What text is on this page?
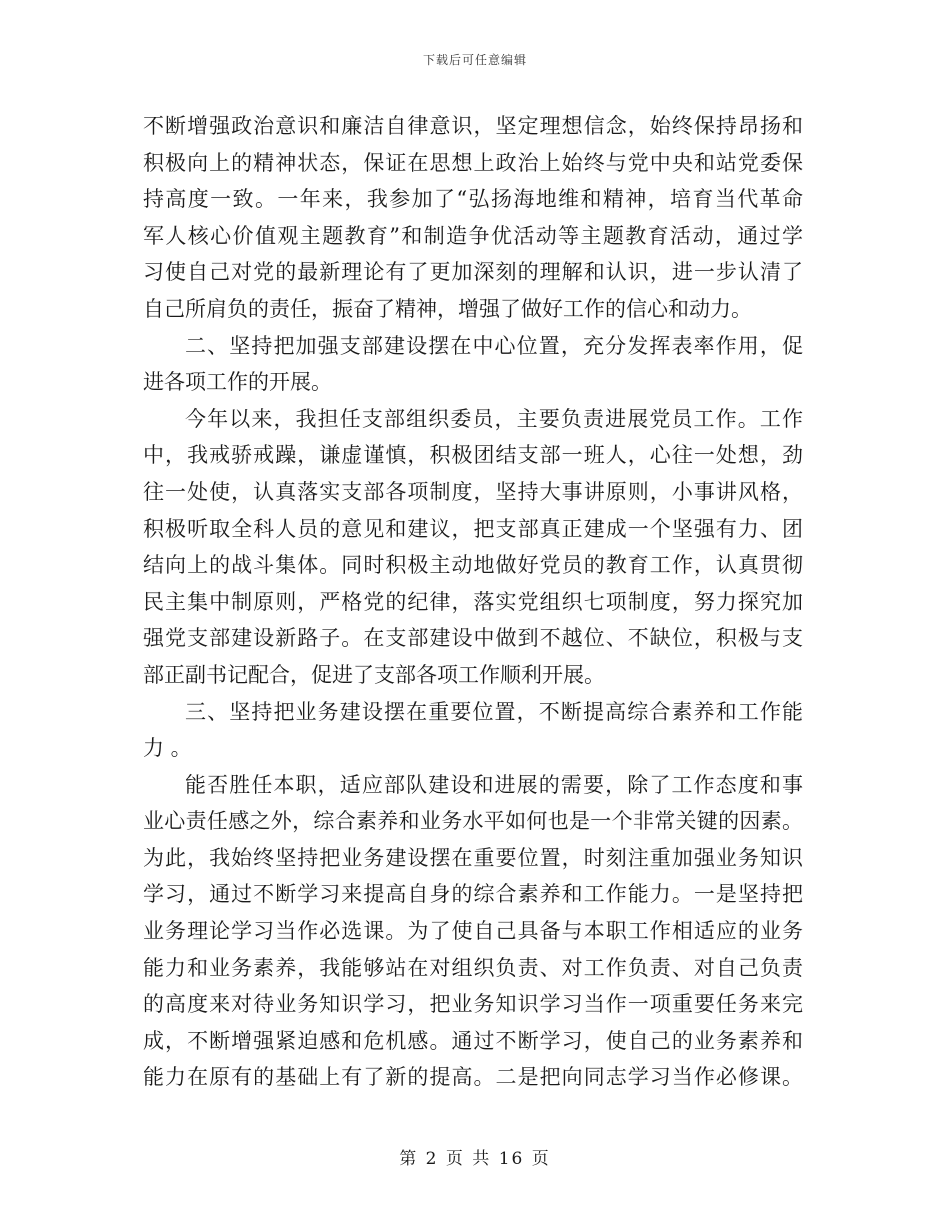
下载后可任意编辑
不断增强政治意识和廉洁自律意识，坚定理想信念，始终保持昂扬和
积极向上的精神状态，保证在思想上政治上始终与党中央和站党委保
持高度一致。一年来，我参加了“弘扬海地维和精神，培育当代革命
军人核心价值观主题教育”和制造争优活动等主题教育活动，通过学
习使自己对党的最新理论有了更加深刻的理解和认识，进一步认清了
自己所肩负的责任，振奋了精神，增强了做好工作的信心和动力。
二、坚持把加强支部建设摆在中心位置，充分发挥表率作用，促
进各项工作的开展。
今年以来，我担任支部组织委员，主要负责进展党员工作。工作
中，我戒骄戒躁，谦虚谨慎，积极团结支部一班人，心往一处想，劲
往一处使，认真落实支部各项制度，坚持大事讲原则，小事讲风格，
积极听取全科人员的意见和建议，把支部真正建成一个坚强有力、团
结向上的战斗集体。同时积极主动地做好党员的教育工作，认真贯彻
民主集中制原则，严格党的纪律，落实党组织七项制度，努力探究加
强党支部建设新路子。在支部建设中做到不越位、不缺位，积极与支
部正副书记配合，促进了支部各项工作顺利开展。
三、坚持把业务建设摆在重要位置，不断提高综合素养和工作能
力 。
能否胜任本职，适应部队建设和进展的需要，除了工作态度和事
业心责任感之外，综合素养和业务水平如何也是一个非常关键的因素。
为此，我始终坚持把业务建设摆在重要位置，时刻注重加强业务知识
学习，通过不断学习来提高自身的综合素养和工作能力。一是坚持把
业务理论学习当作必选课。为了使自己具备与本职工作相适应的业务
能力和业务素养，我能够站在对组织负责、对工作负责、对自己负责
的高度来对待业务知识学习，把业务知识学习当作一项重要任务来完
成，不断增强紧迫感和危机感。通过不断学习，使自己的业务素养和
能力在原有的基础上有了新的提高。二是把向同志学习当作必修课。
第 2 页 共 16 页
